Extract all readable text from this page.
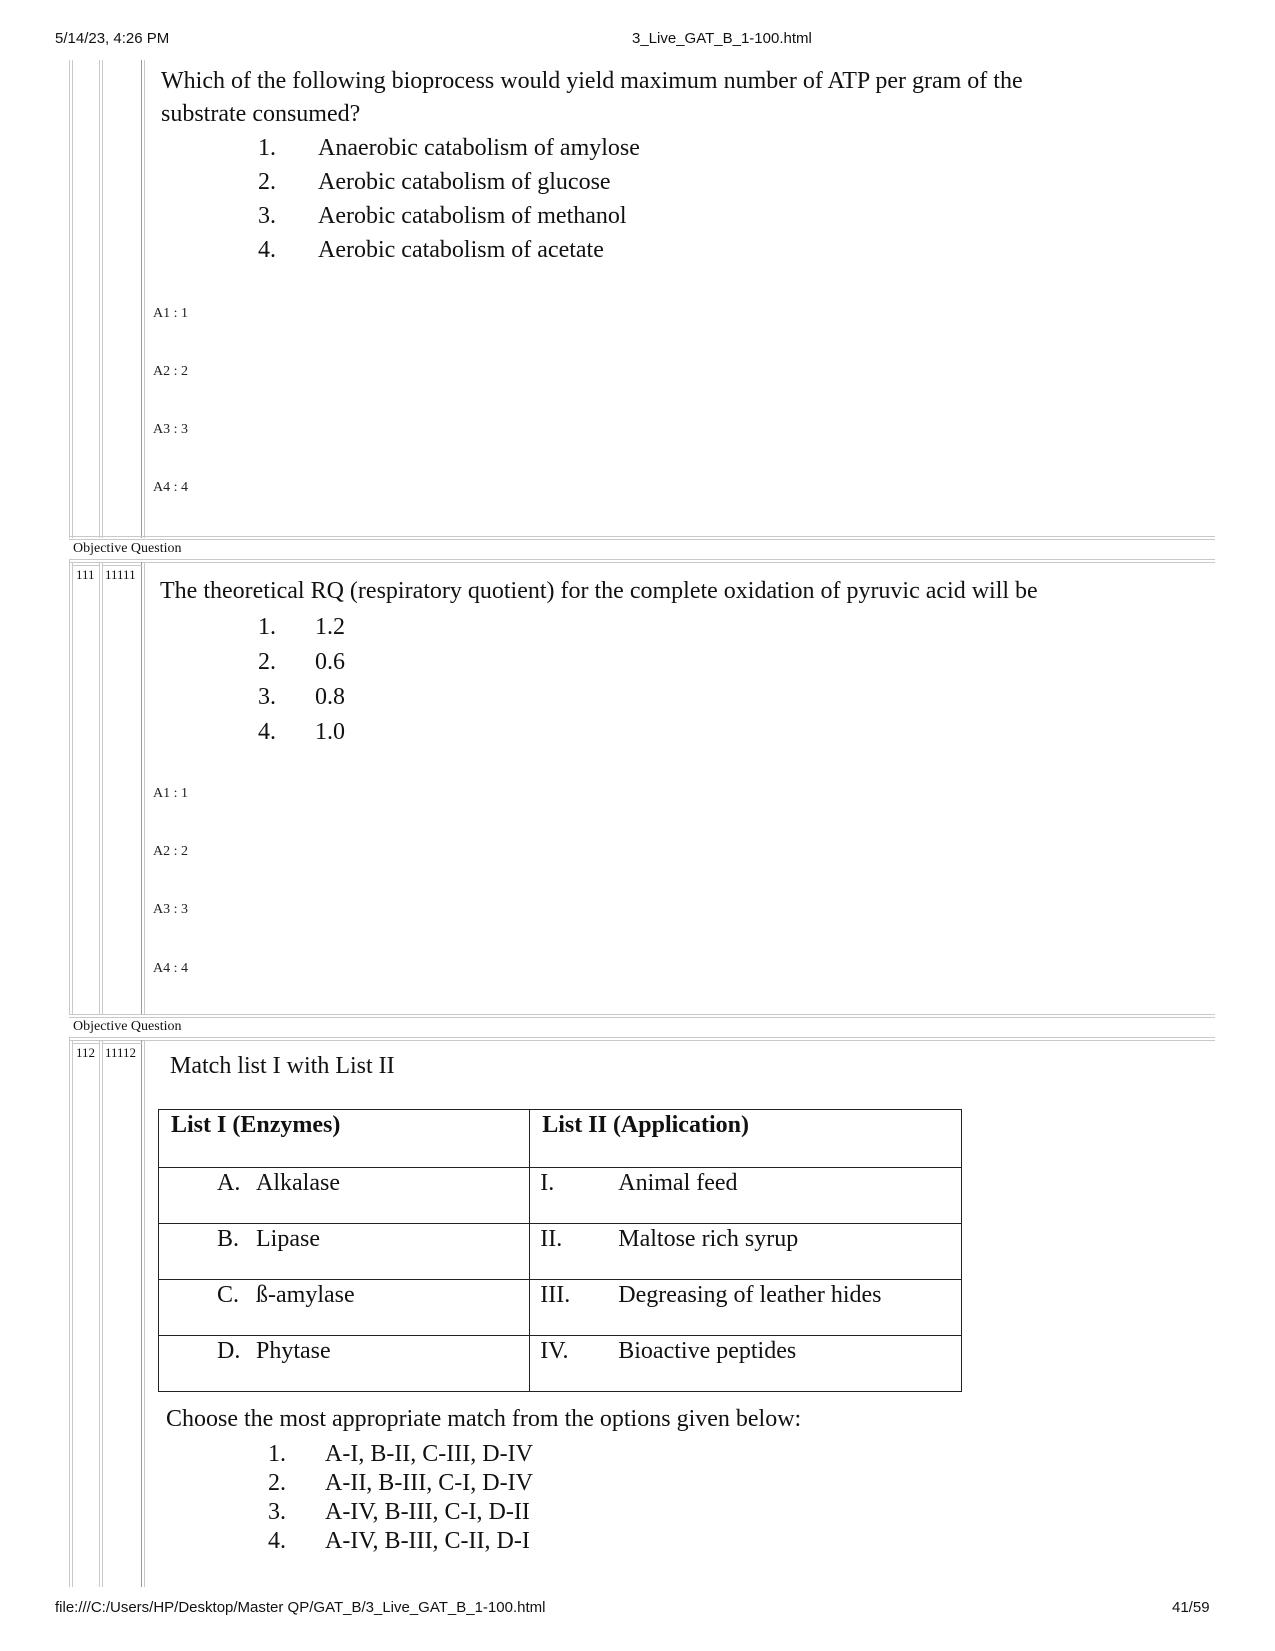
5/14/23, 4:26 PM	3_Live_GAT_B_1-100.html
Which of the following bioprocess would yield maximum number of ATP per gram of the
substrate consumed?
1.	Anaerobic catabolism of amylose
2.	Aerobic catabolism of glucose
3.	Aerobic catabolism of methanol
4.	Aerobic catabolism of acetate
A1 : 1
A2 : 2
A3 : 3
A4 : 4
Objective Question
111 11111
The theoretical RQ (respiratory quotient) for the complete oxidation of pyruvic acid will be
1.	1.2
2.	0.6
3.	0.8
4.	1.0
A1 : 1
A2 : 2
A3 : 3
A4 : 4
Objective Question
112 11112
Match list I with List II
List I (Enzymes)	List II (Application)

A. Alkalase	I. Animal feed

B. Lipase	II. Maltose rich syrup

C. ß-amylase	III. Degreasing of leather hides

D. Phytase	IV. Bioactive peptides
Choose the most appropriate match from the options given below:
1.	A-I, B-II, C-III, D-IV
2.	A-II, B-III, C-I, D-IV
3.	A-IV, B-III, C-I, D-II
4.	A-IV, B-III, C-II, D-I
file:///C:/Users/HP/Desktop/Master QP/GAT_B/3_Live_GAT_B_1-100.html	41/59
